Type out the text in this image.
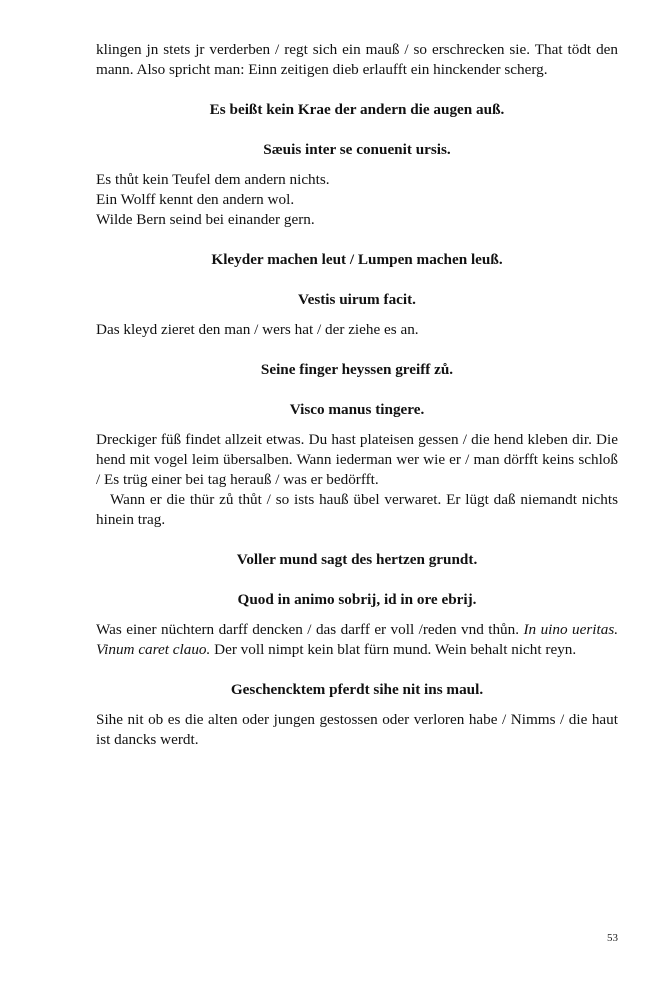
klingen jn stets jr verderben / regt sich ein mauß / so erschrecken sie. That tödt den mann. Also spricht man: Einn zeitigen dieb erlaufft ein hinckender scherg.

Es beißt kein Krae der andern die augen auß.

Sæuis inter se conuenit ursis.

Es thůt kein Teufel dem andern nichts.

Ein Wolff kennt den andern wol.

Wilde Bern seind bei einander gern.

Kleyder machen leut / Lumpen machen leuß.

Vestis uirum facit.

Das kleyd zieret den man / wers hat / der ziehe es an.

Seine finger heyssen greiff zů.

Visco manus tingere.

Dreckiger füß findet allzeit etwas. Du hast plateisen gessen / die hend kleben dir. Die hend mit vogel leim übersalben. Wann iederman wer wie er / man dörfft keins schloß / Es trüg einer bei tag herauß / was er bedörfft.

Wann er die thür zů thůt / so ists hauß übel verwaret. Er lügt daß niemandt nichts hinein trag.

Voller mund sagt des hertzen grundt.

Quod in animo sobrij, id in ore ebrij.

Was einer nüchtern darff dencken / das darff er voll /reden vnd thůn. In uino ueritas. Vinum caret clauo. Der voll nimpt kein blat fürn mund. Wein behalt nicht reyn.

Geschencktem pferdt sihe nit ins maul.

Sihe nit ob es die alten oder jungen gestossen oder verloren habe / Nimms / die haut ist dancks werdt.

53
